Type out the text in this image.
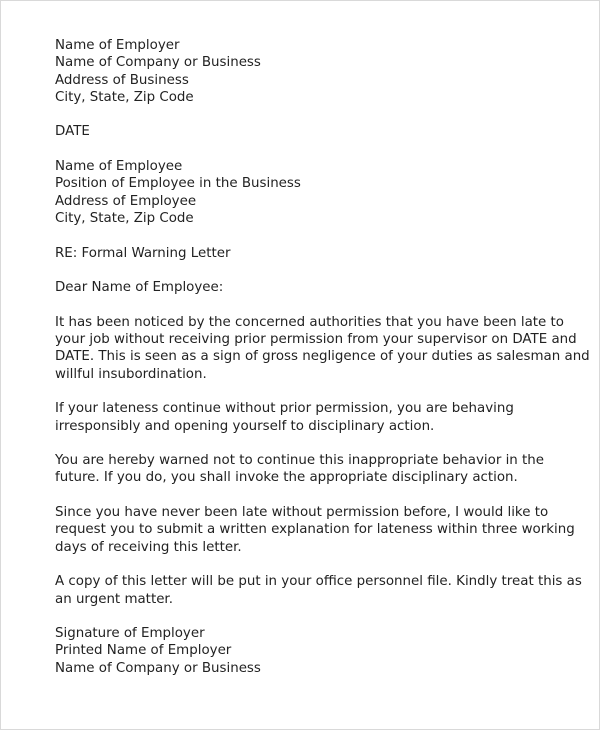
Name of Employer
Name of Company or Business
Address of Business
City, State, Zip Code
DATE
Name of Employee
Position of Employee in the Business
Address of Employee
City, State, Zip Code
RE: Formal Warning Letter
Dear Name of Employee:
It has been noticed by the concerned authorities that you have been late to
your job without receiving prior permission from your supervisor on DATE and
DATE. This is seen as a sign of gross negligence of your duties as salesman and
willful insubordination.
If your lateness continue without prior permission, you are behaving
irresponsibly and opening yourself to disciplinary action.
You are hereby warned not to continue this inappropriate behavior in the
future. If you do, you shall invoke the appropriate disciplinary action.
Since you have never been late without permission before, I would like to
request you to submit a written explanation for lateness within three working
days of receiving this letter.
A copy of this letter will be put in your office personnel file. Kindly treat this as
an urgent matter.
Signature of Employer
Printed Name of Employer
Name of Company or Business
